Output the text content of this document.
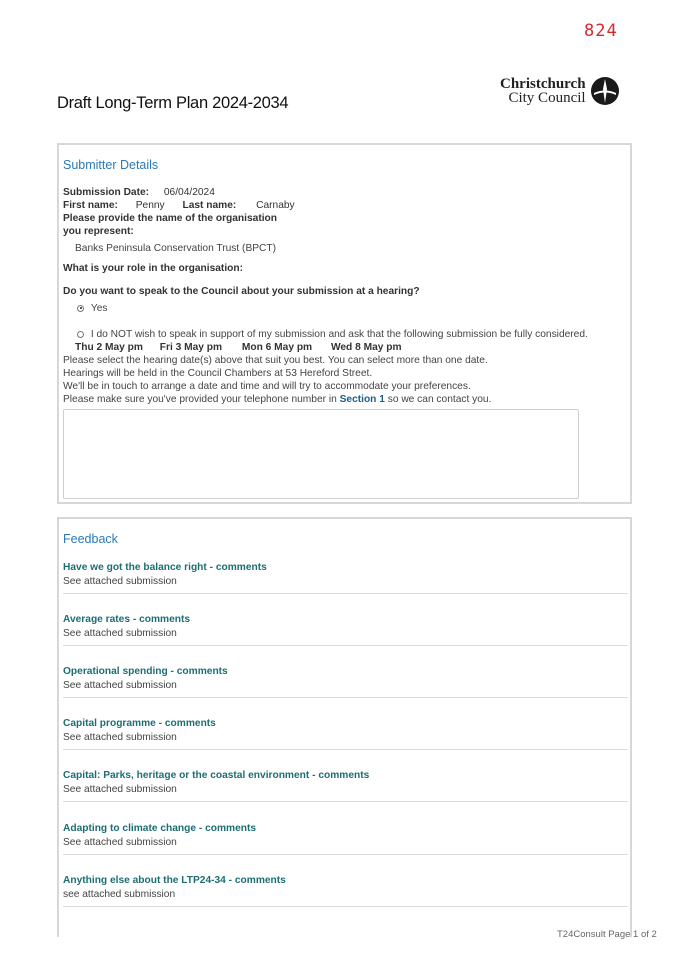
824
Christchurch
City Council
Draft Long-Term Plan 2024-2034
Submitter Details
Submission Date: 06/04/2024
First name: Penny Last name: Carnaby
Please provide the name of the organisation
you represent:
Banks Peninsula Conservation Trust (BPCT)
What is your role in the organisation:
Do you want to speak to the Council about your submission at a hearing?
Yes
I do NOT wish to speak in support of my submission and ask that the following submission be fully considered.
Thu 2 May pm Fri 3 May pm Mon 6 May pm Wed 8 May pm
Please select the hearing date(s) above that suit you best. You can select more than one date.
Hearings will be held in the Council Chambers at 53 Hereford Street.
We'll be in touch to arrange a date and time and will try to accommodate your preferences.
Please make sure you've provided your telephone number in Section 1 so we can contact you.
Feedback
Have we got the balance right - comments
See attached submission
Average rates - comments
See attached submission
Operational spending - comments
See attached submission
Capital programme - comments
See attached submission
Capital: Parks, heritage or the coastal environment - comments
See attached submission
Adapting to climate change - comments
See attached submission
Anything else about the LTP24-34 - comments
see attached submission
T24Consult Page 1 of 2
